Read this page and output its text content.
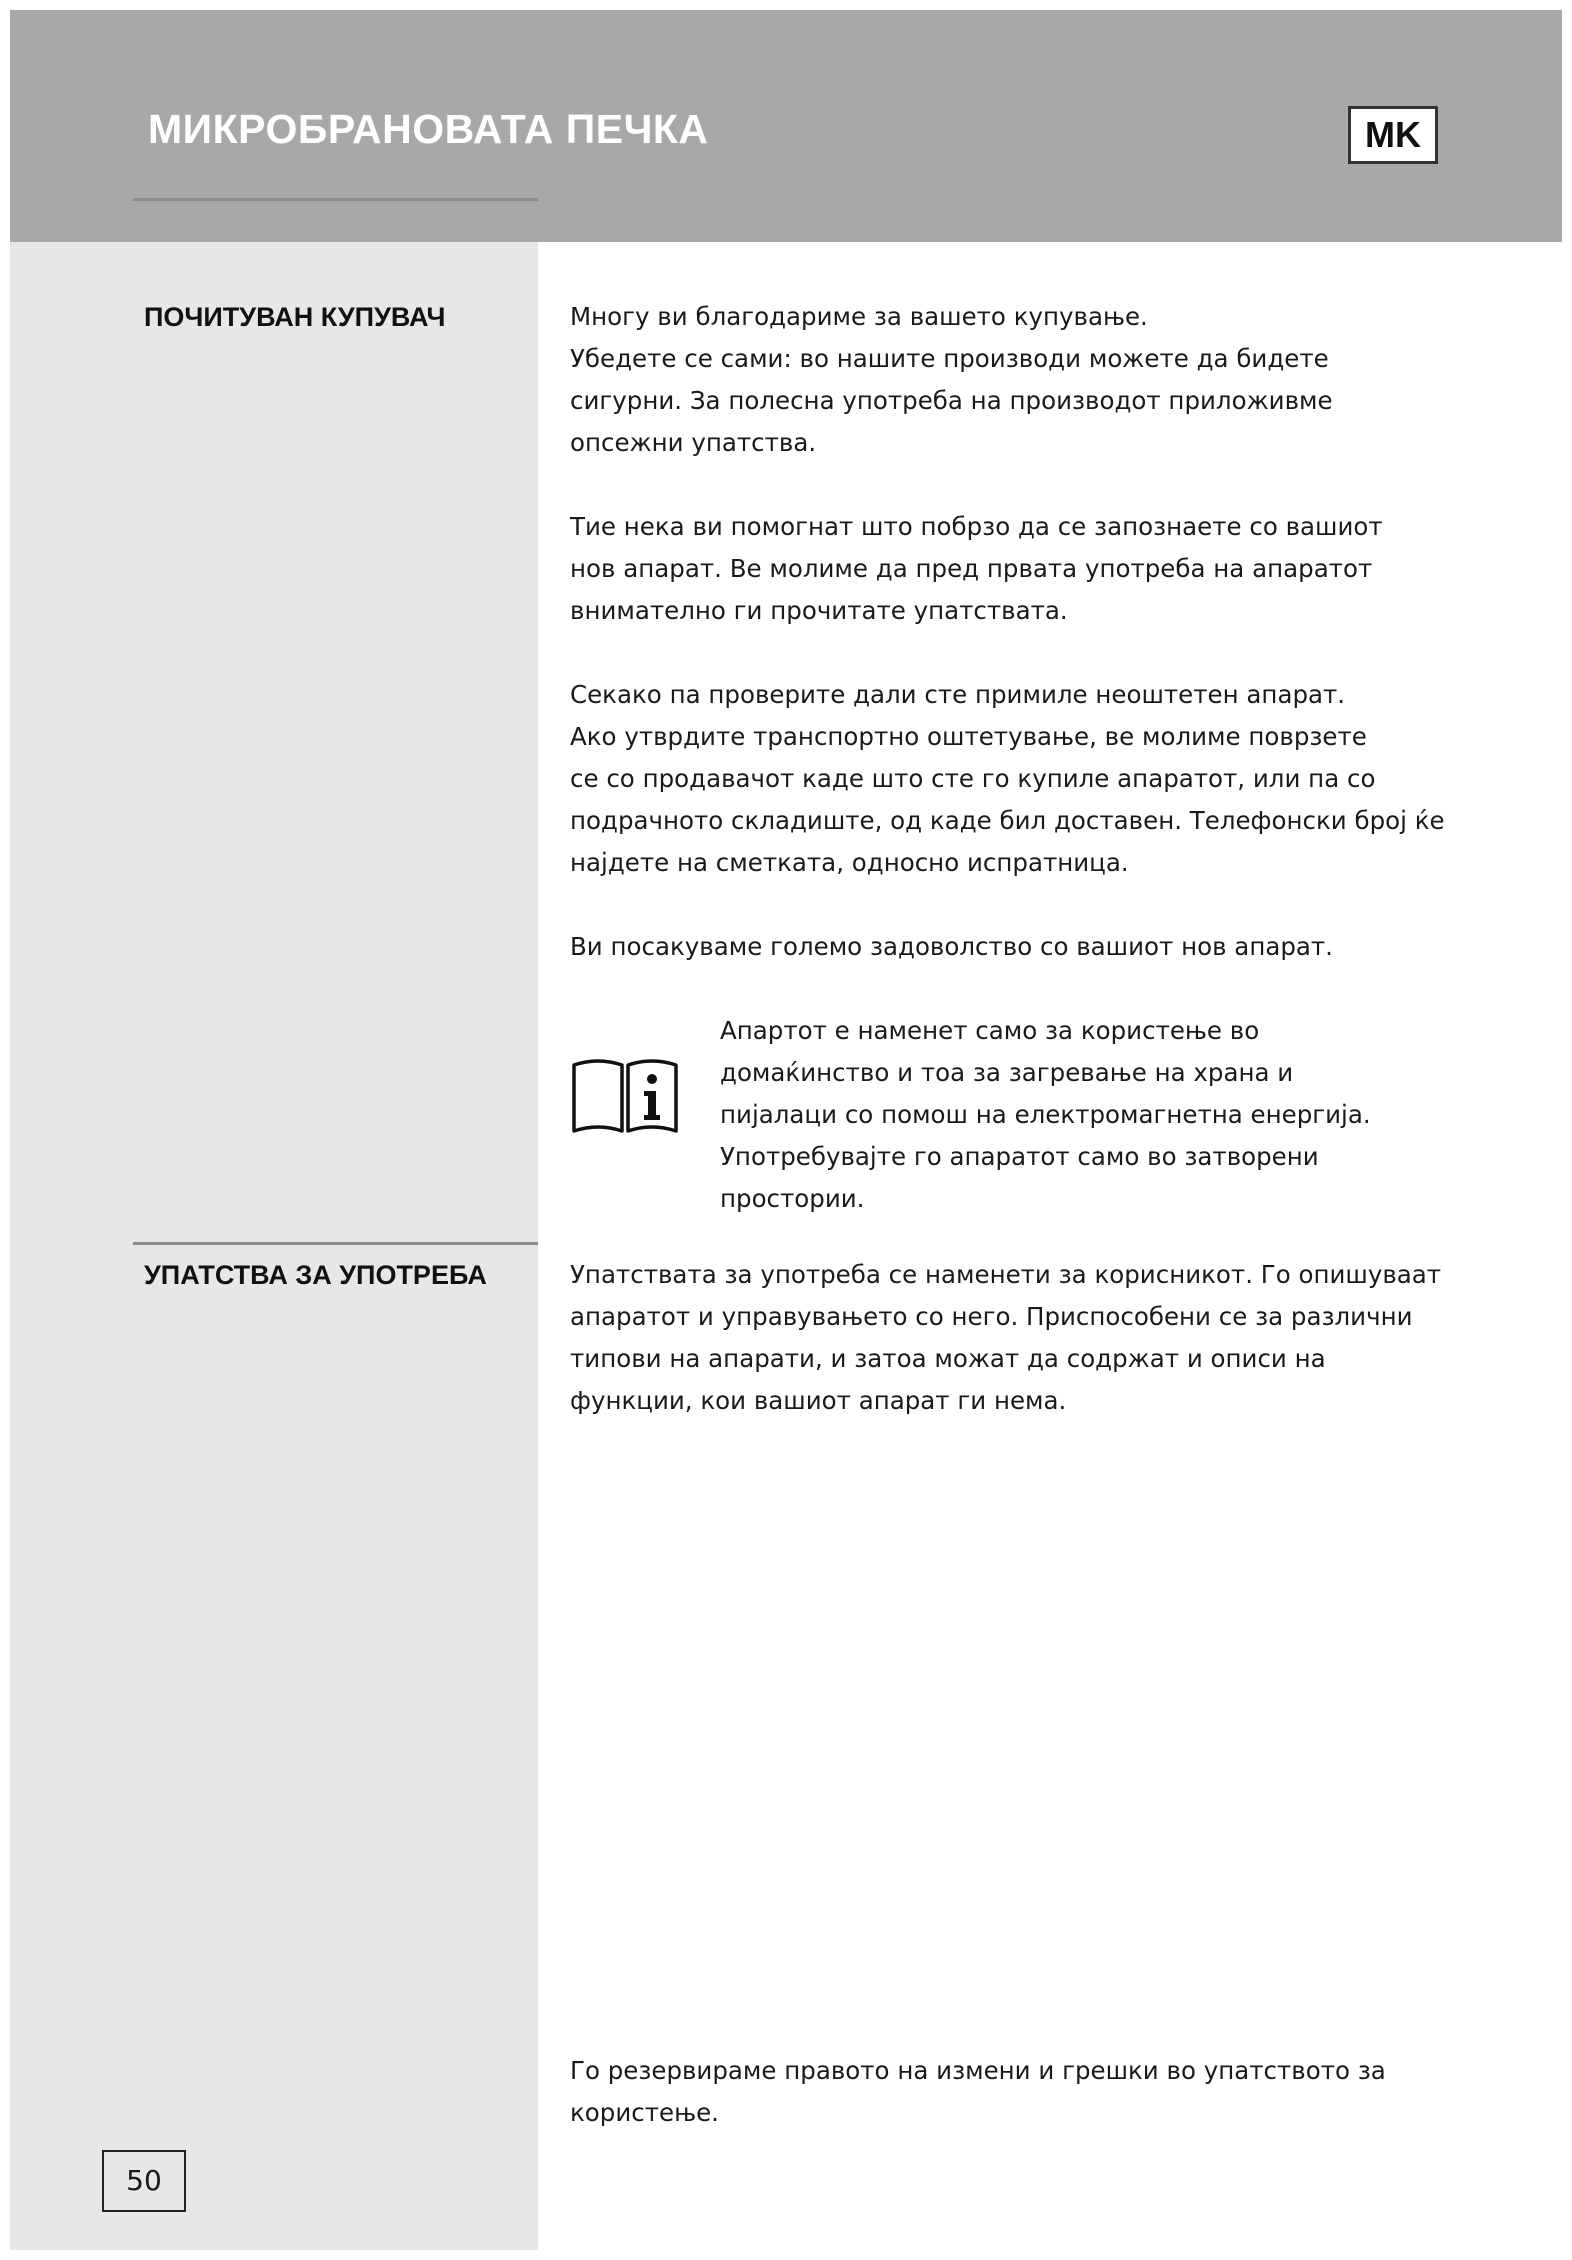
МИКРОБРАНОВАТА ПЕЧКА	MK
ПОЧИТУВАН КУПУВАЧ	Многу ви благодариме за вашето купување.

Убедете се сами: во нашите производи можете да бидете

сигурни. За полесна употреба на производот приложивме

опсежни упатства.

Тие нека ви помогнат што побрзо да се запознаете со вашиот

нов апарат. Ве молиме да пред првата употреба на апаратот

внимателно ги прочитате упатствата.

Секако па проверите дали сте примиле неоштетен апарат.

Ако утврдите транспортно оштетување, ве молиме поврзете

се со продавачот каде што сте го купиле апаратот, или па со

подрачното складиште, од каде бил доставен. Телефонски број ќе

најдете на сметката, односно испратница.

Ви посакуваме големо задоволство со вашиот нов апарат.

Апартот е наменет само за користење во

домаќинство и тоа за загревање на храна и

пијалаци со помош на електромагнетна енергија.

Употребувајте го апаратот само во затворени

простории.

УПАТСТВА ЗА УПОТРЕБА	Упатствата за употреба се наменети за корисникот. Го опишуваат

апаратот и управувањето со него. Приспособени се за различни

типови на апарати, и затоа можат да содржат и описи на

функции, кои вашиот апарат ги нема.

Го резервираме правото на измени и грешки во упатството за

користење.

50
